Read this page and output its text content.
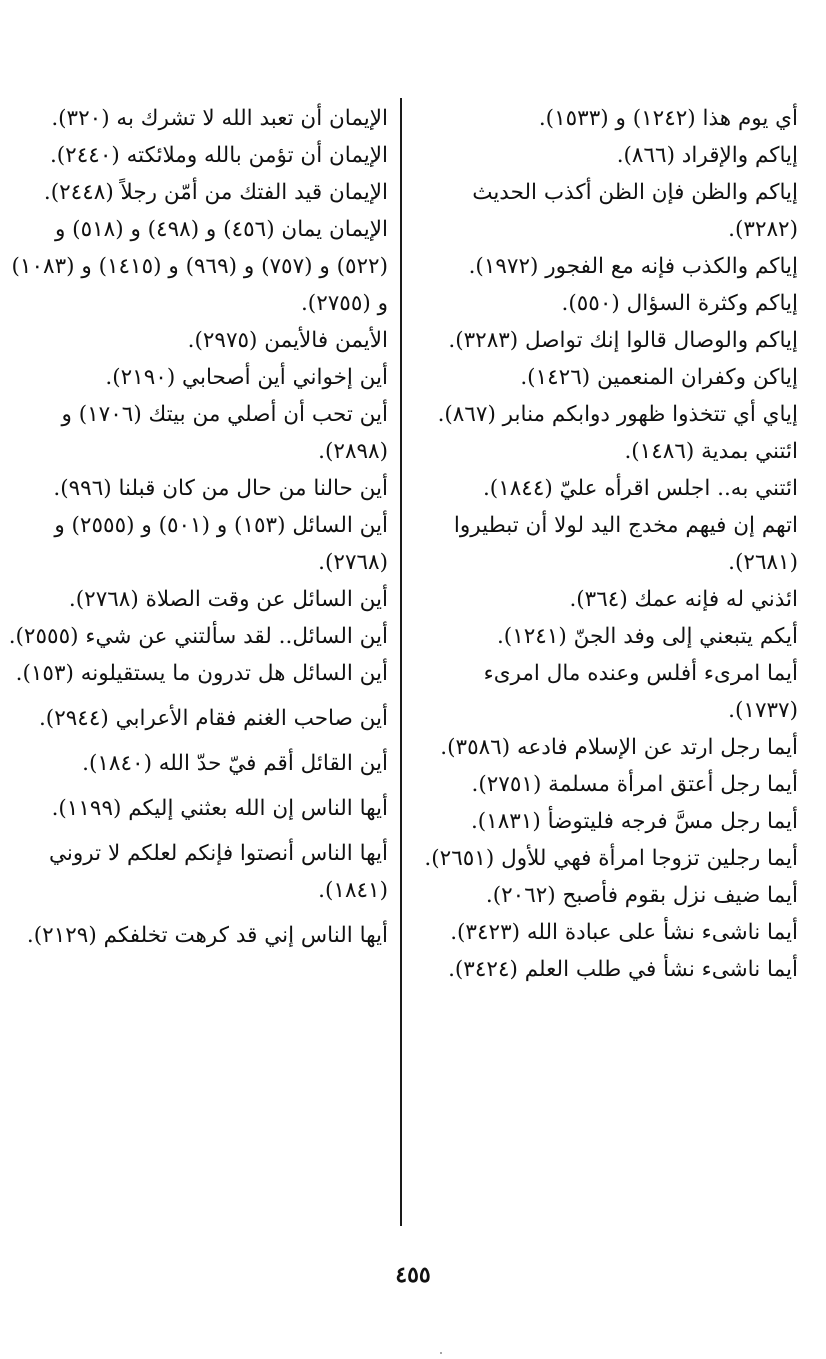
أي يوم هذا (١٢٤٢) و (١٥٣٣).

إياكم والإقراد (٨٦٦).

إياكم والظن فإن الظن أكذب الحديث (٣٢٨٢).

إياكم والكذب فإنه مع الفجور (١٩٧٢).

إياكم وكثرة السؤال (٥٥٠).

إياكم والوصال قالوا إنك تواصل (٣٢٨٣).

إياكن وكفران المنعمين (١٤٢٦).

إياي أي تتخذوا ظهور دوابكم منابر (٨٦٧).

ائتني بمدية (١٤٨٦).

ائتني به.. اجلس اقرأه عليّ (١٨٤٤).

اتهم إن فيهم مخدج اليد لولا أن تبطيروا (٢٦٨١).

ائذني له فإنه عمك (٣٦٤).

أيكم يتبعني إلى وفد الجنّ (١٢٤١).

أيما امرىء أفلس وعنده مال امرىء (١٧٣٧).

أيما رجل ارتد عن الإسلام فادعه (٣٥٨٦).

أيما رجل أعتق امرأة مسلمة (٢٧٥١).

أيما رجل مسَّ فرجه فليتوضأ (١٨٣١).

أيما رجلين تزوجا امرأة فهي للأول (٢٦٥١).

أيما ضيف نزل بقوم فأصبح (٢٠٦٢).

أيما ناشىء نشأ على عبادة الله (٣٤٢٣).

أيما ناشىء نشأ في طلب العلم (٣٤٢٤).

الإيمان أن تعبد الله لا تشرك به (٣٢٠).

الإيمان أن تؤمن بالله وملائكته (٢٤٤٠).

الإيمان قيد الفتك من أمّن رجلاً (٢٤٤٨).

الإيمان يمان (٤٥٦) و (٤٩٨) و (٥١٨) و (٥٢٢) و (٧٥٧) و (٩٦٩) و (١٤١٥) و (١٠٨٣) و (٢٧٥٥).

الأيمن فالأيمن (٢٩٧٥).

أين إخواني أين أصحابي (٢١٩٠).

أين تحب أن أصلي من بيتك (١٧٠٦) و (٢٨٩٨).

أين حالنا من حال من كان قبلنا (٩٩٦).

أين السائل (١٥٣) و (٥٠١) و (٢٥٥٥) و (٢٧٦٨).

أين السائل عن وقت الصلاة (٢٧٦٨).

أين السائل.. لقد سألتني عن شيء (٢٥٥٥).

أين السائل هل تدرون ما يستقيلونه (١٥٣).

أين صاحب الغنم فقام الأعرابي (٢٩٤٤).

أين القائل أقم فيّ حدّ الله (١٨٤٠).

أيها الناس إن الله بعثني إليكم (١١٩٩).

أيها الناس أنصتوا فإنكم لعلكم لا تروني (١٨٤١).

أيها الناس إني قد كرهت تخلفكم (٢١٢٩).

٤٥٥
